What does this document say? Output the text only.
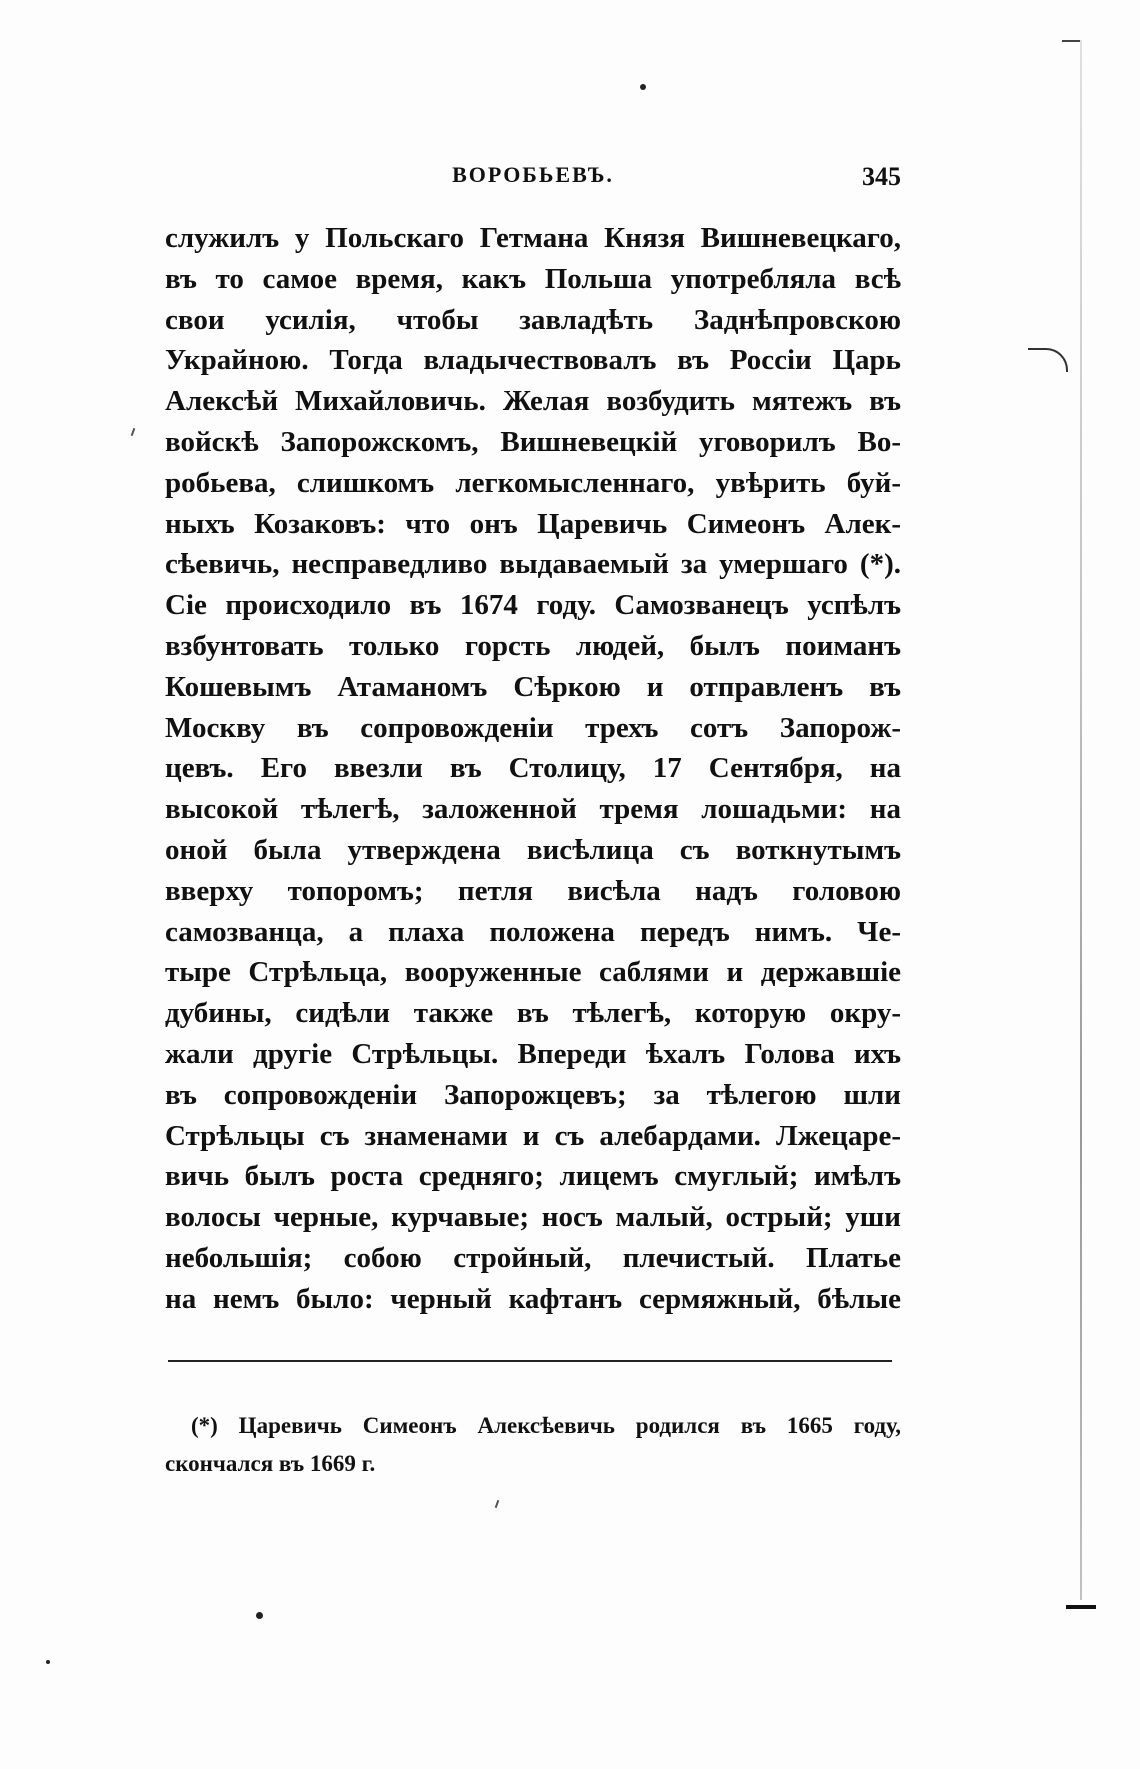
ВОРОБЬЕВЪ.	345
служилъ у Польскаго Гетмана Князя Вишневецкаго,
въ то самое время, какъ Польша употребляла всѣ
свои усилія, чтобы завладѣть Заднѣпровскою
Украйною. Тогда владычествовалъ въ Россіи Царь
Алексѣй Михайловичь. Желая возбудить мятежъ въ
войскѣ Запорожскомъ, Вишневецкій уговорилъ Во-
робьева, слишкомъ легкомысленнаго, увѣрить буй-
ныхъ Козаковъ: что онъ Царевичь Симеонъ Алек-
сѣевичь, несправедливо выдаваемый за умершаго (*).
Сіе происходило въ 1674 году. Самозванецъ успѣлъ
взбунтовать только горсть людей, былъ поиманъ
Кошевымъ Атаманомъ Сѣркою и отправленъ въ
Москву въ сопровожденіи трехъ сотъ Запорож-
цевъ. Его ввезли въ Столицу, 17 Сентября, на
высокой тѣлегѣ, заложенной тремя лошадьми: на
оной была утверждена висѣлица съ воткнутымъ
вверху топоромъ; петля висѣла надъ головою
самозванца, а плаха положена передъ нимъ. Че-
тыре Стрѣльца, вооруженные саблями и державшіе
дубины, сидѣли также въ тѣлегѣ, которую окру-
жали другіе Стрѣльцы. Впереди ѣхалъ Голова ихъ
въ сопровожденіи Запорожцевъ; за тѣлегою шли
Стрѣльцы съ знаменами и съ алебардами. Лжецаре-
вичь былъ роста средняго; лицемъ смуглый; имѣлъ
волосы черные, курчавые; носъ малый, острый; уши
небольшія; собою стройный, плечистый. Платье
на немъ было: черный кафтанъ сермяжный, бѣлые
(*) Царевичь Симеонъ Алексѣевичь родился въ 1665 году,
скончался въ 1669 г.
